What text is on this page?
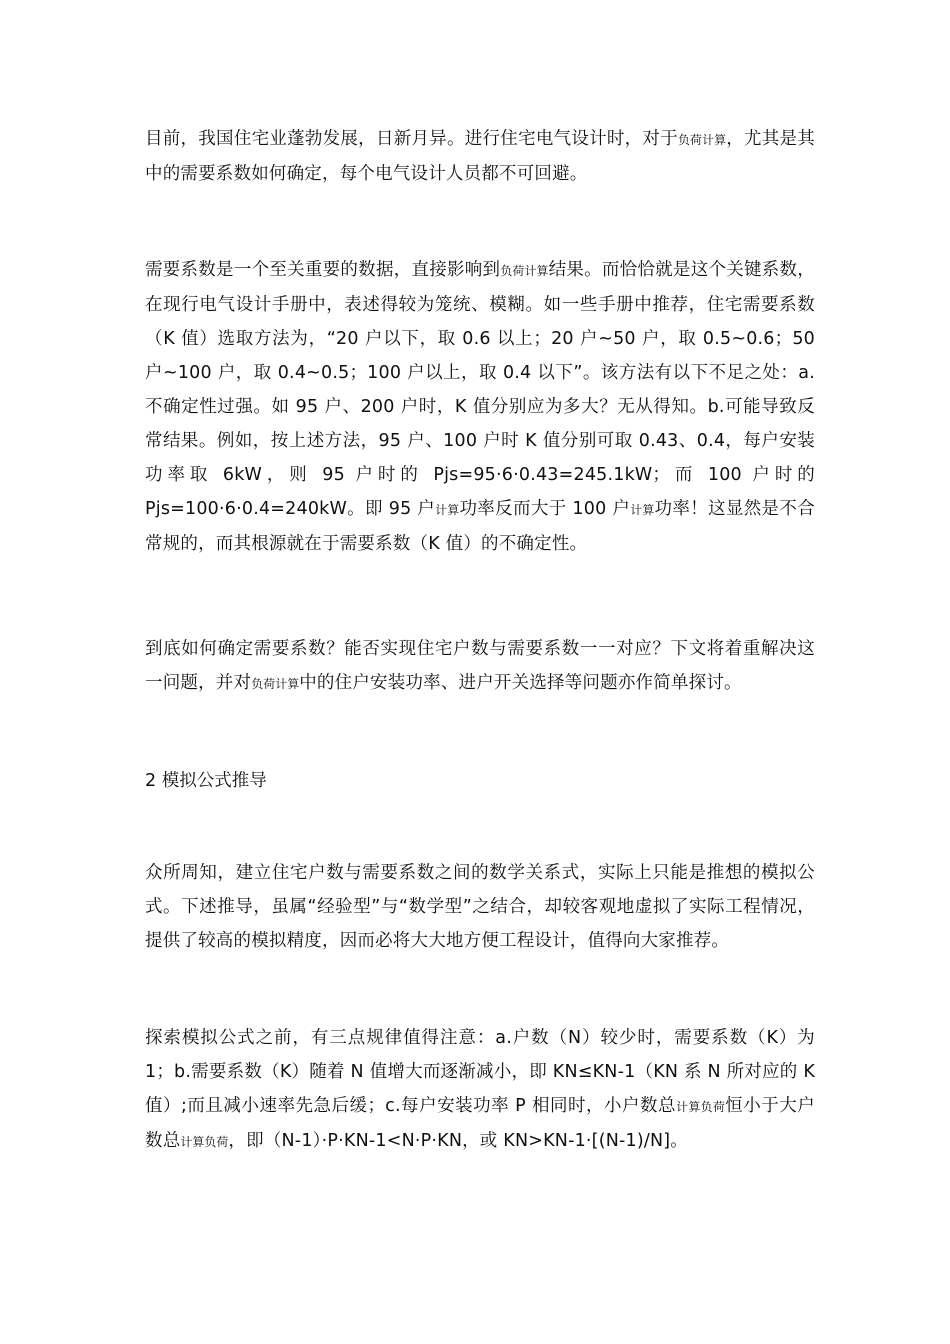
目前，我国住宅业蓬勃发展，日新月异。进行住宅电气设计时，对于负荷计算，尤其是其中的需要系数如何确定，每个电气设计人员都不可回避。

需要系数是一个至关重要的数据，直接影响到负荷计算结果。而恰恰就是这个关键系数，在现行电气设计手册中，表述得较为笼统、模糊。如一些手册中推荐，住宅需要系数（K 值）选取方法为，“20 户以下，取 0.6 以上；20 户~50 户，取 0.5~0.6；50 户~100 户，取 0.4~0.5；100 户以上，取 0.4 以下”。该方法有以下不足之处：a.不确定性过强。如 95 户、200 户时，K 值分别应为多大？无从得知。b.可能导致反常结果。例如，按上述方法，95 户、100 户时 K 值分别可取 0.43、0.4，每户安装功率取 6kW，则 95 户时的 Pjs=95·6·0.43=245.1kW；而 100 户时的 Pjs=100·6·0.4=240kW。即 95 户计算功率反而大于 100 户计算功率！这显然是不合常规的，而其根源就在于需要系数（K 值）的不确定性。

到底如何确定需要系数？能否实现住宅户数与需要系数一一对应？下文将着重解决这一问题，并对负荷计算中的住户安装功率、进户开关选择等问题亦作简单探讨。

2 模拟公式推导

众所周知，建立住宅户数与需要系数之间的数学关系式，实际上只能是推想的模拟公式。下述推导，虽属“经验型”与“数学型”之结合，却较客观地虚拟了实际工程情况，提供了较高的模拟精度，因而必将大大地方便工程设计，值得向大家推荐。

探索模拟公式之前，有三点规律值得注意：a.户数（N）较少时，需要系数（K）为 1；b.需要系数（K）随着 N 值增大而逐渐减小，即 KN≤KN-1（KN 系 N 所对应的 K 值）;而且减小速率先急后缓；c.每户安装功率 P 相同时，小户数总计算负荷恒小于大户数总计算负荷，即（N-1）·P·KN-1<N·P·KN，或 KN>KN-1·[(N-1)/N]。
